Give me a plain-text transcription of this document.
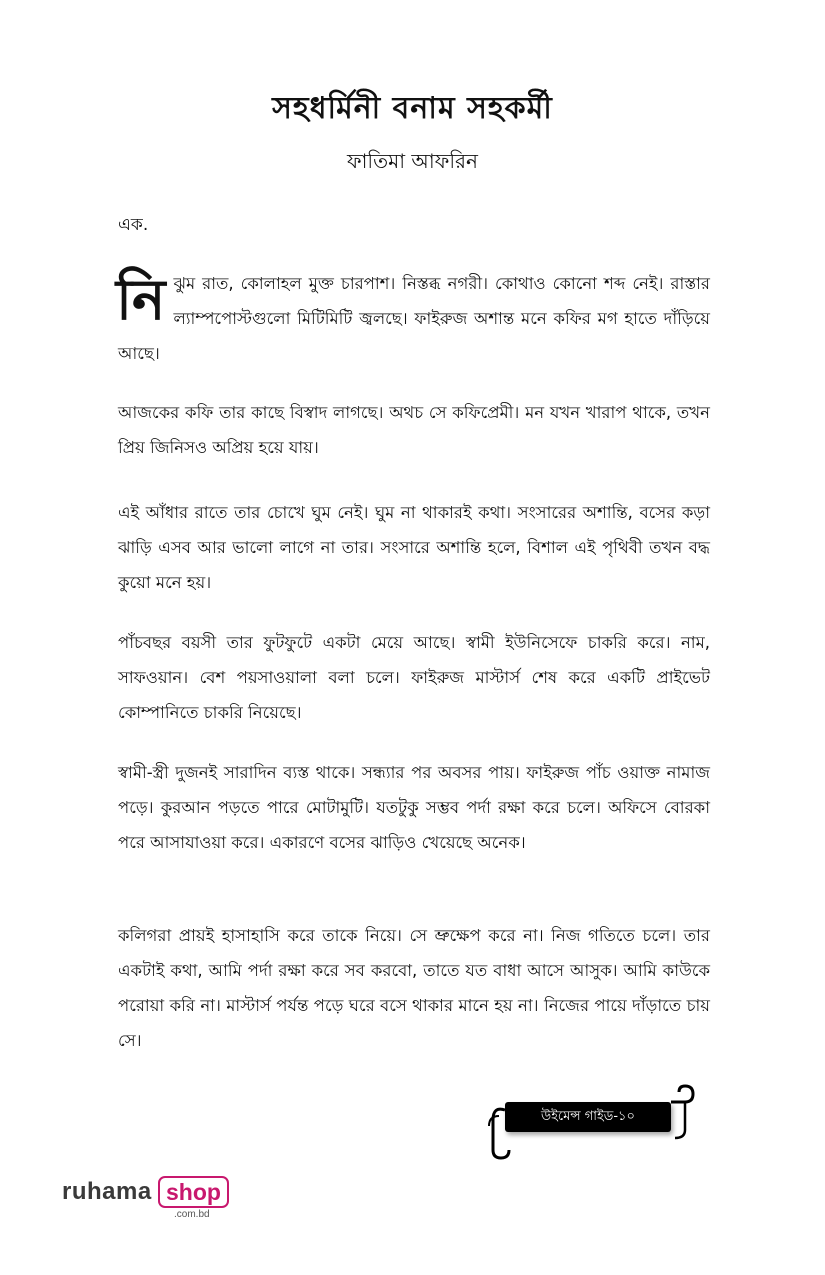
সহধর্মিনী বনাম সহকর্মী
ফাতিমা আফরিন
এক.

নি ঝুম রাত, কোলাহল মুক্ত চারপাশ। নিস্তব্ধ নগরী। কোথাও কোনো শব্দ নেই। রাস্তার ল্যাম্পপোস্টগুলো মিটিমিটি জ্বলছে। ফাইরুজ অশান্ত মনে কফির মগ হাতে দাঁড়িয়ে আছে।

আজকের কফি তার কাছে বিস্বাদ লাগছে। অথচ সে কফিপ্রেমী। মন যখন খারাপ থাকে, তখন প্রিয় জিনিসও অপ্রিয় হয়ে যায়।

এই আঁধার রাতে তার চোখে ঘুম নেই। ঘুম না থাকারই কথা। সংসারের অশান্তি, বসের কড়া ঝাড়ি এসব আর ভালো লাগে না তার। সংসারে অশান্তি হলে, বিশাল এই পৃথিবী তখন বদ্ধ কুয়ো মনে হয়।

পাঁচবছর বয়সী তার ফুটফুটে একটা মেয়ে আছে। স্বামী ইউনিসেফে চাকরি করে। নাম, সাফওয়ান। বেশ পয়সাওয়ালা বলা চলে। ফাইরুজ মাস্টার্স শেষ করে একটি প্রাইভেট কোম্পানিতে চাকরি নিয়েছে।

স্বামী-স্ত্রী দুজনই সারাদিন ব্যস্ত থাকে। সন্ধ্যার পর অবসর পায়। ফাইরুজ পাঁচ ওয়াক্ত নামাজ পড়ে। কুরআন পড়তে পারে মোটামুটি। যতটুকু সম্ভব পর্দা রক্ষা করে চলে। অফিসে বোরকা পরে আসাযাওয়া করে। একারণে বসের ঝাড়িও খেয়েছে অনেক।

কলিগরা প্রায়ই হাসাহাসি করে তাকে নিয়ে। সে ভ্রুক্ষেপ করে না। নিজ গতিতে চলে। তার একটাই কথা, আমি পর্দা রক্ষা করে সব করবো, তাতে যত বাধা আসে আসুক। আমি কাউকে পরোয়া করি না। মাস্টার্স পর্যন্ত পড়ে ঘরে বসে থাকার মানে হয় না। নিজের পায়ে দাঁড়াতে চায় সে।

উইমেন্স গাইড-১০
ruhama shop
.com.bd
